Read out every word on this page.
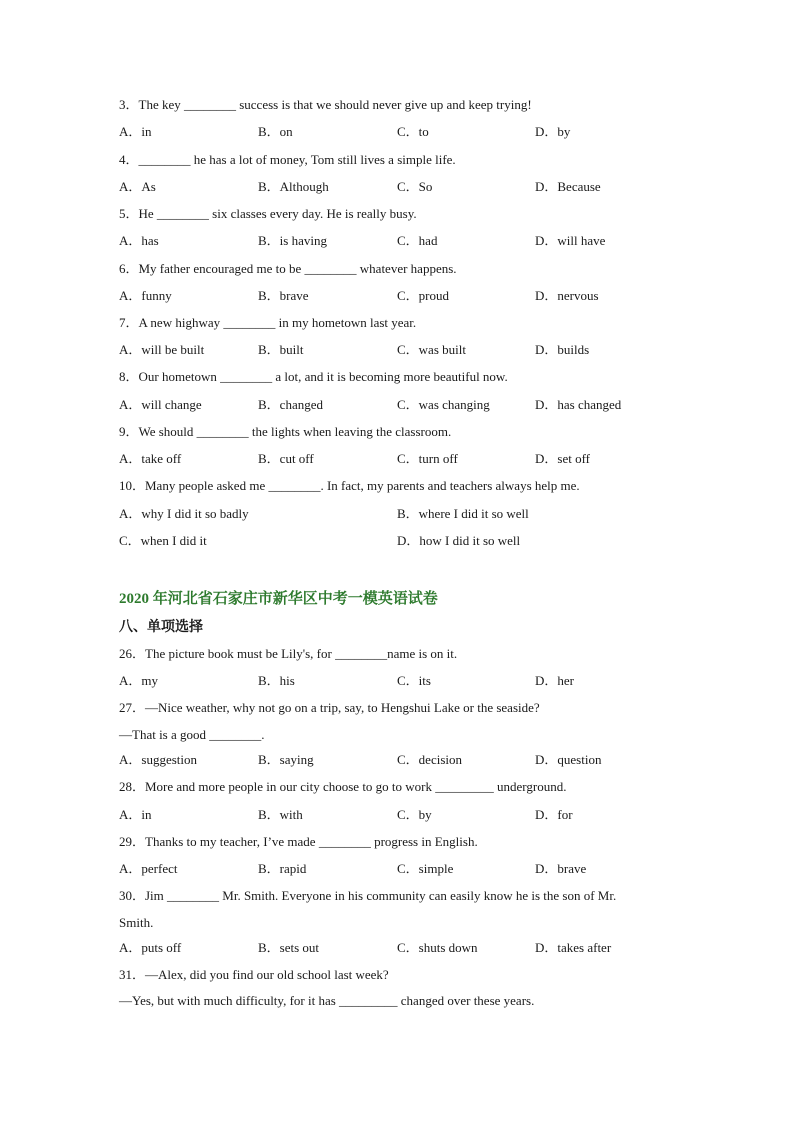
3．The key ________ success is that we should never give up and keep trying!
A．in	B．on	C．to	D．by
4．________ he has a lot of money, Tom still lives a simple life.
A．As	B．Although	C．So	D．Because
5．He ________ six classes every day. He is really busy.
A．has	B．is having	C．had	D．will have
6．My father encouraged me to be ________ whatever happens.
A．funny	B．brave	C．proud	D．nervous
7．A new highway ________ in my hometown last year.
A．will be built	B．built	C．was built	D．builds
8．Our hometown ________ a lot, and it is becoming more beautiful now.
A．will change	B．changed	C．was changing	D．has changed
9．We should ________ the lights when leaving the classroom.
A．take off	B．cut off	C．turn off	D．set off
10．Many people asked me ________. In fact, my parents and teachers always help me.
A．why I did it so badly	B．where I did it so well
C．when I did it	D．how I did it so well
2020 年河北省石家庄市新华区中考一模英语试卷
八、单项选择
26．The picture book must be Lily's, for ________name is on it.
A．my	B．his	C．its	D．her
27．—Nice weather, why not go on a trip, say, to Hengshui Lake or the seaside?
—That is a good ________.
A．suggestion	B．saying	C．decision	D．question
28．More and more people in our city choose to go to work _________ underground.
A．in	B．with	C．by	D．for
29．Thanks to my teacher, I’ve made ________ progress in English.
A．perfect	B．rapid	C．simple	D．brave
30．Jim ________ Mr. Smith. Everyone in his community can easily know he is the son of Mr.
Smith.
A．puts off	B．sets out	C．shuts down	D．takes after
31．—Alex, did you find our old school last week?
—Yes, but with much difficulty, for it has _________ changed over these years.
